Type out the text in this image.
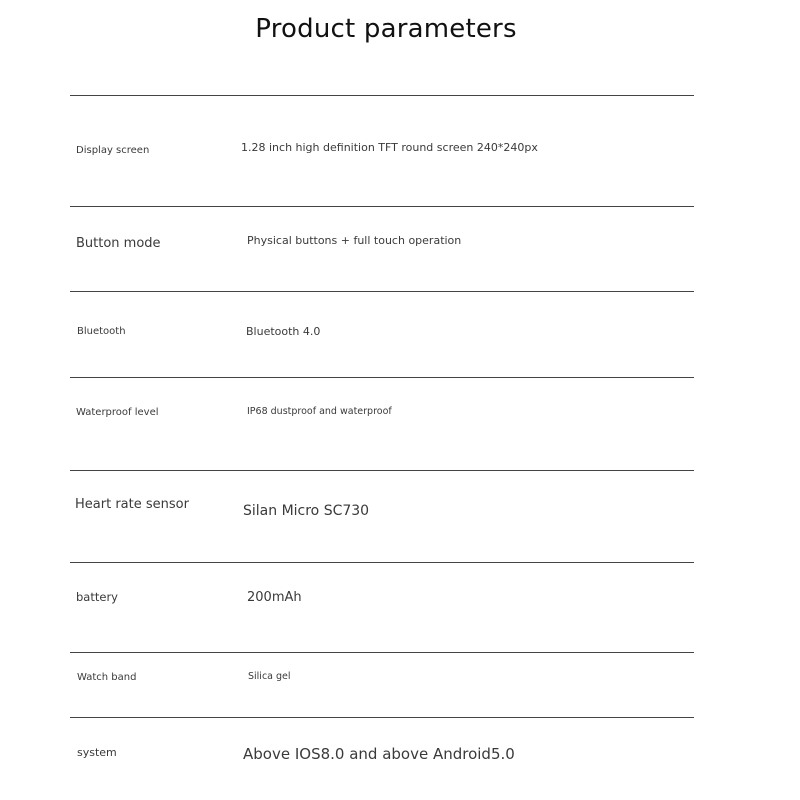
Product parameters
Display screen	1.28 inch high definition TFT round screen 240*240px
Button mode	Physical buttons + full touch operation
Bluetooth	Bluetooth 4.0
Waterproof level	IP68 dustproof and waterproof
Heart rate sensor	Silan Micro SC730
battery	200mAh
Watch band	Silica gel
system	Above IOS8.0 and above Android5.0
